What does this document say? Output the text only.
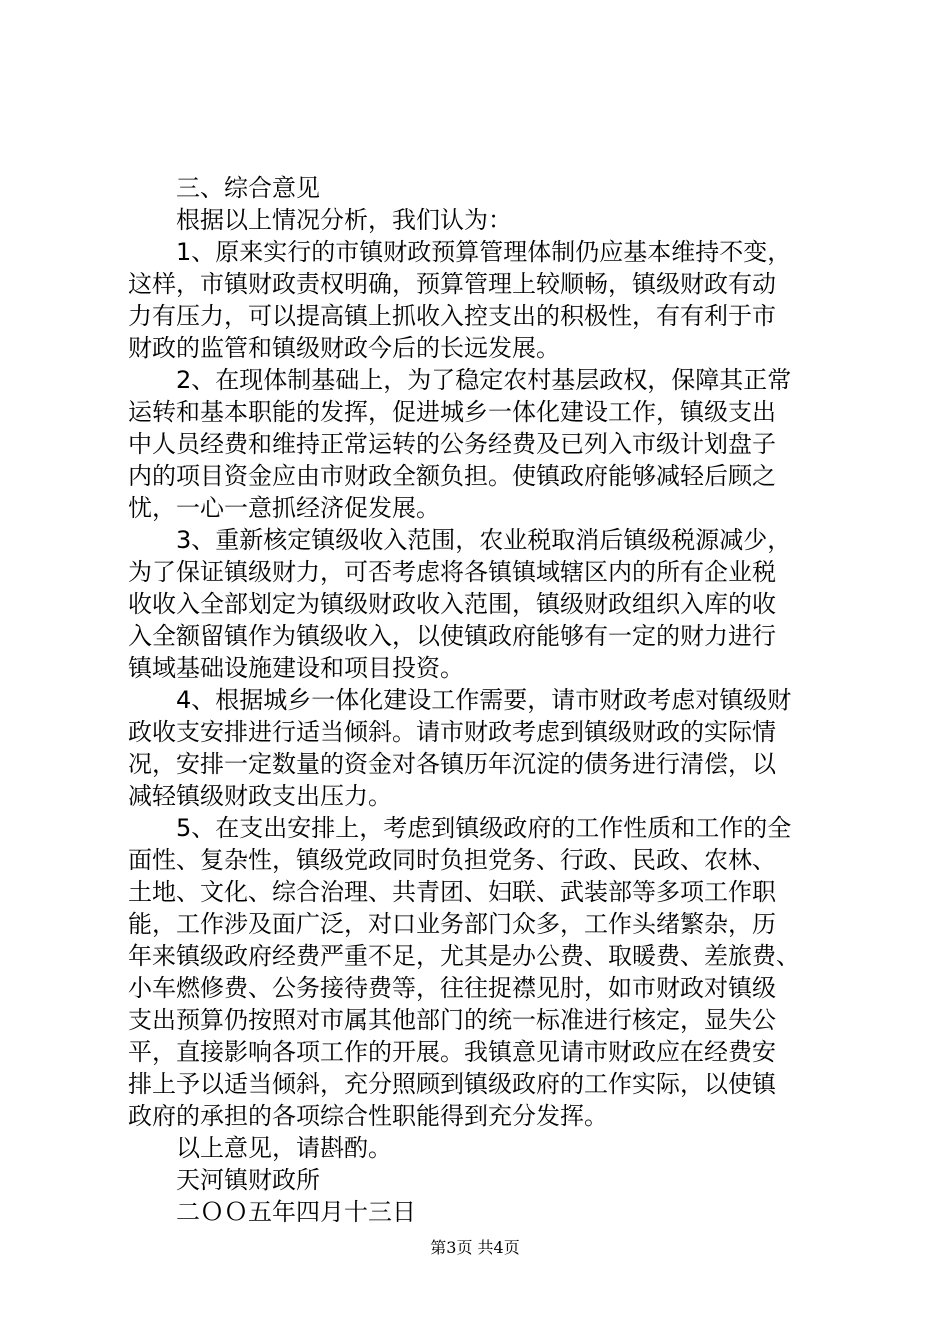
三、综合意见
根据以上情况分析，我们认为：
1、原来实行的市镇财政预算管理体制仍应基本维持不变，
这样，市镇财政责权明确，预算管理上较顺畅，镇级财政有动
力有压力，可以提高镇上抓收入控支出的积极性，有有利于市
财政的监管和镇级财政今后的长远发展。
2、在现体制基础上，为了稳定农村基层政权，保障其正常
运转和基本职能的发挥，促进城乡一体化建设工作，镇级支出
中人员经费和维持正常运转的公务经费及已列入市级计划盘子
内的项目资金应由市财政全额负担。使镇政府能够减轻后顾之
忧，一心一意抓经济促发展。
3、重新核定镇级收入范围，农业税取消后镇级税源减少，
为了保证镇级财力，可否考虑将各镇镇域辖区内的所有企业税
收收入全部划定为镇级财政收入范围，镇级财政组织入库的收
入全额留镇作为镇级收入，以使镇政府能够有一定的财力进行
镇域基础设施建设和项目投资。
4、根据城乡一体化建设工作需要，请市财政考虑对镇级财
政收支安排进行适当倾斜。请市财政考虑到镇级财政的实际情
况，安排一定数量的资金对各镇历年沉淀的债务进行清偿，以
减轻镇级财政支出压力。
5、在支出安排上，考虑到镇级政府的工作性质和工作的全
面性、复杂性，镇级党政同时负担党务、行政、民政、农林、
土地、文化、综合治理、共青团、妇联、武装部等多项工作职
能，工作涉及面广泛，对口业务部门众多，工作头绪繁杂，历
年来镇级政府经费严重不足，尤其是办公费、取暖费、差旅费、
小车燃修费、公务接待费等，往往捉襟见肘，如市财政对镇级
支出预算仍按照对市属其他部门的统一标准进行核定，显失公
平，直接影响各项工作的开展。我镇意见请市财政应在经费安
排上予以适当倾斜，充分照顾到镇级政府的工作实际，以使镇
政府的承担的各项综合性职能得到充分发挥。
以上意见，请斟酌。
天河镇财政所
二ＯＯ五年四月十三日
第3页 共4页
